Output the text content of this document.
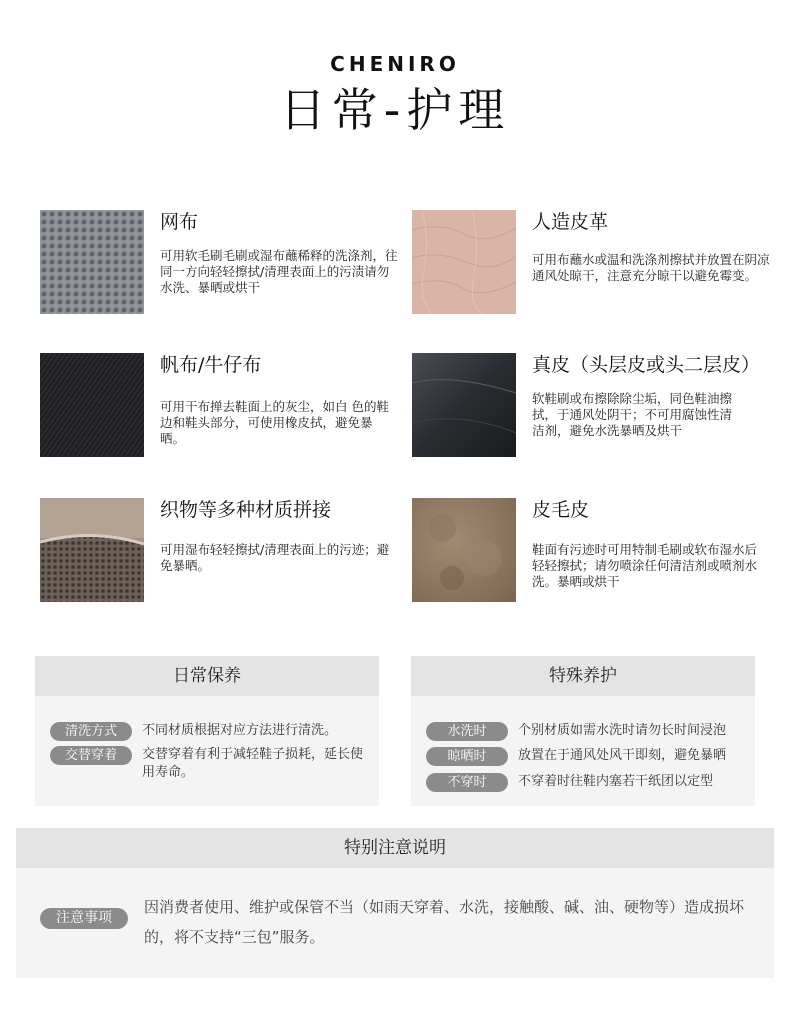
CHENIRO
日常-护理
网布
可用软毛刷毛刷或湿布蘸稀释的洗涤剂，往同一方向轻轻擦拭/清理表面上的污渍请勿水洗、暴晒或烘干
人造皮革
可用布蘸水或温和洗涤剂擦拭并放置在阴凉通风处晾干，注意充分晾干以避免霉变。
帆布/牛仔布
可用干布掸去鞋面上的灰尘，如白 色的鞋边和鞋头部分，可使用橡皮拭，避免暴晒。
真皮（头层皮或头二层皮）
软鞋刷或布擦除除尘垢，同色鞋油擦拭，于通风处阴干；不可用腐蚀性清洁剂，避免水洗暴晒及烘干
织物等多种材质拼接
可用湿布轻轻擦拭/清理表面上的污迹；避免暴晒。
皮毛皮
鞋面有污迹时可用特制毛刷或软布湿水后轻轻擦拭；请勿喷涂任何清洁剂或喷剂水洗。暴晒或烘干
日常保养
清洗方式	不同材质根据对应方法进行清洗。
交替穿着	交替穿着有利于减轻鞋子损耗，延长使用寿命。
特殊养护
水洗时	个别材质如需水洗时请勿长时间浸泡
晾晒时	放置在于通风处风干即刻，避免暴晒
不穿时	不穿着时往鞋内塞若干纸团以定型
特别注意说明
注意事项
因消费者使用、维护或保管不当（如雨天穿着、水洗，接触酸、碱、油、硬物等）造成损坏的，将不支持“三包”服务。
